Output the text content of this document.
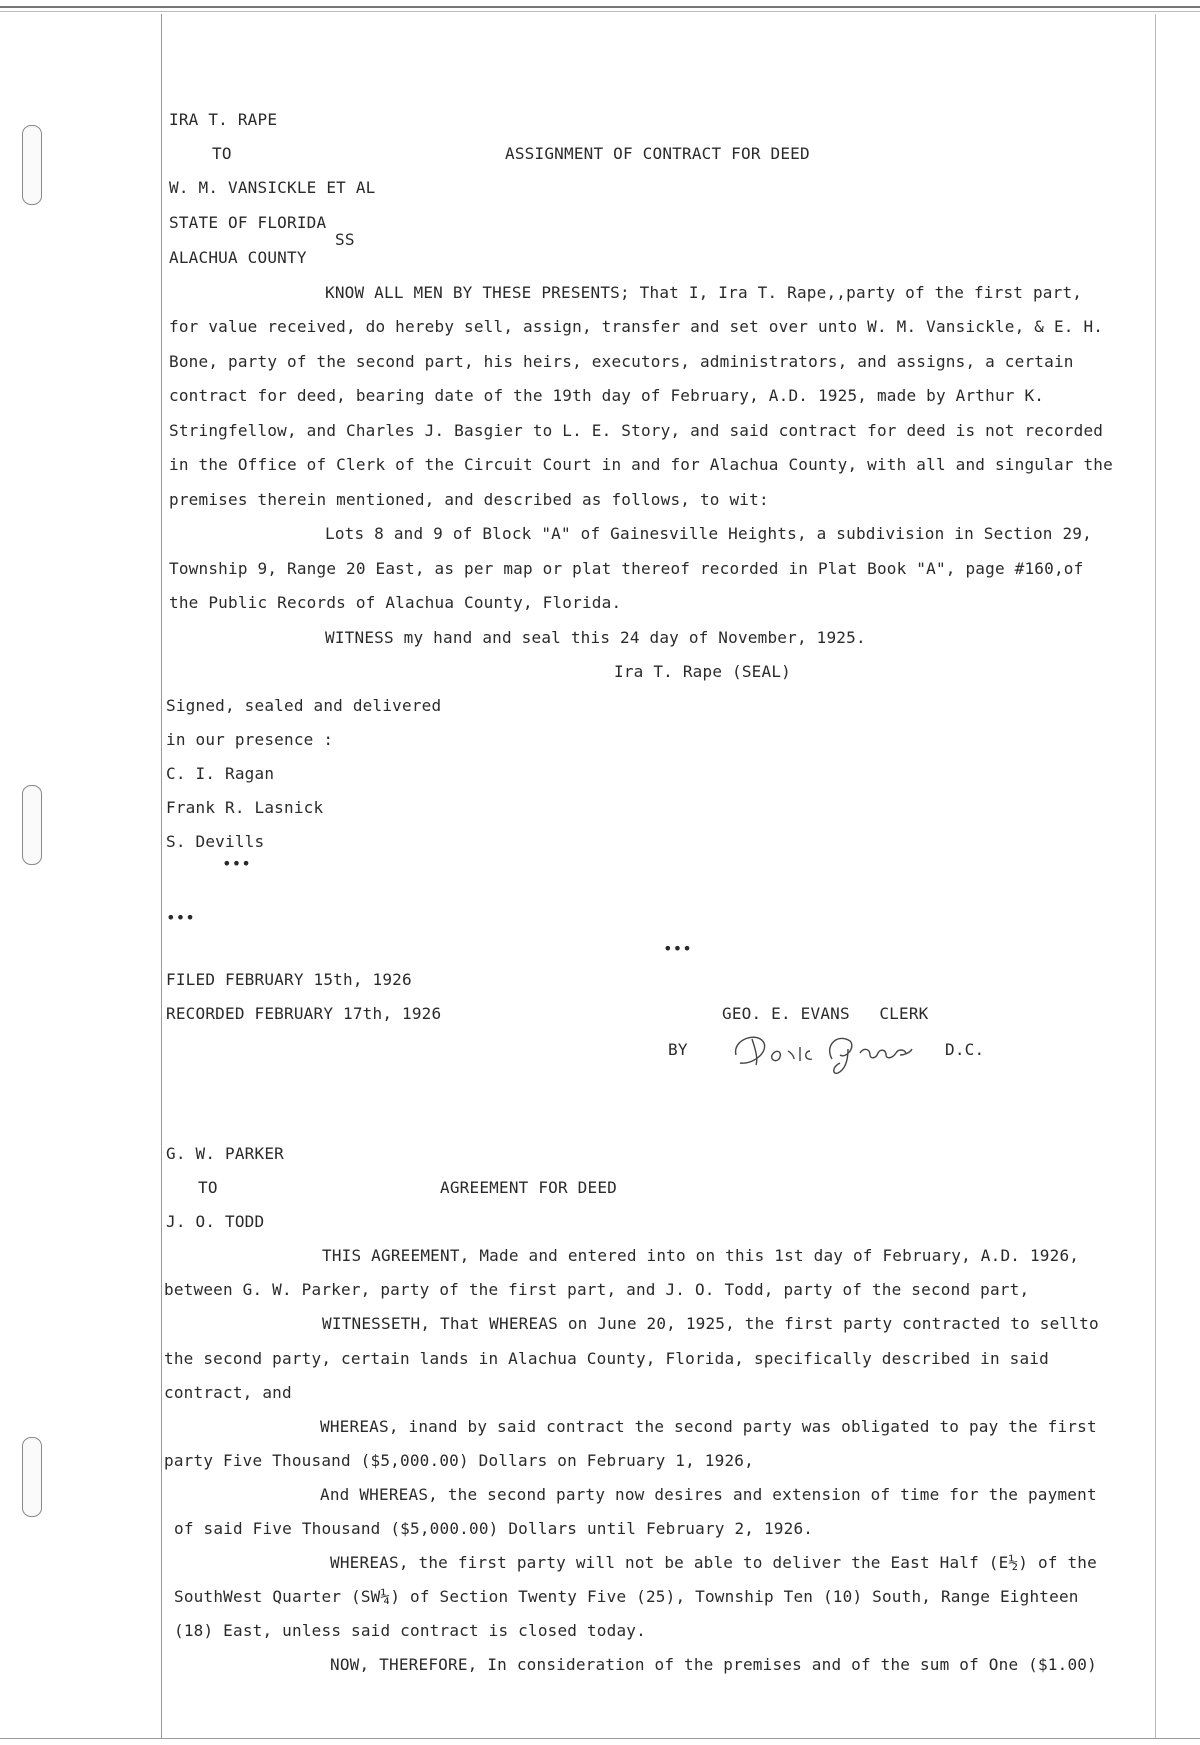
IRA T. RAPE
TO	ASSIGNMENT OF CONTRACT FOR DEED
W. M. VANSICKLE ET AL
STATE OF FLORIDA
SS
ALACHUA COUNTY
KNOW ALL MEN BY THESE PRESENTS; That I, Ira T. Rape,,party of the first part,
for value received, do hereby sell, assign, transfer and set over unto W. M. Vansickle, & E. H.
Bone, party of the second part, his heirs, executors, administrators, and assigns, a certain
contract for deed, bearing date of the 19th day of February, A.D. 1925, made by Arthur K.
Stringfellow, and Charles J. Basgier to L. E. Story, and said contract for deed is not recorded
in the Office of Clerk of the Circuit Court in and for Alachua County, with all and singular the
premises therein mentioned, and described as follows, to wit:
Lots 8 and 9 of Block "A" of Gainesville Heights, a subdivision in Section 29,
Township 9, Range 20 East, as per map or plat thereof recorded in Plat Book "A", page #160,of
the Public Records of Alachua County, Florida.
WITNESS my hand and seal this 24 day of November, 1925.
Ira T. Rape (SEAL)
Signed, sealed and delivered
in our presence :
C. I. Ragan
Frank R. Lasnick
S. Devills
•••
•••
•••
FILED FEBRUARY 15th, 1926
RECORDED FEBRUARY 17th, 1926	GEO. E. EVANS   CLERK
BY	D.C.
G. W. PARKER
TO	AGREEMENT FOR DEED
J. O. TODD
THIS AGREEMENT, Made and entered into on this 1st day of February, A.D. 1926,
between G. W. Parker, party of the first part, and J. O. Todd, party of the second part,
WITNESSETH, That WHEREAS on June 20, 1925, the first party contracted to sellto
the second party, certain lands in Alachua County, Florida, specifically described in said
contract, and
WHEREAS, inand by said contract the second party was obligated to pay the first
party Five Thousand ($5,000.00) Dollars on February 1, 1926,
And WHEREAS, the second party now desires and extension of time for the payment
of said Five Thousand ($5,000.00) Dollars until February 2, 1926.
WHEREAS, the first party will not be able to deliver the East Half (E½) of the
SouthWest Quarter (SW¼) of Section Twenty Five (25), Township Ten (10) South, Range Eighteen
(18) East, unless said contract is closed today.
NOW, THEREFORE, In consideration of the premises and of the sum of One ($1.00)
